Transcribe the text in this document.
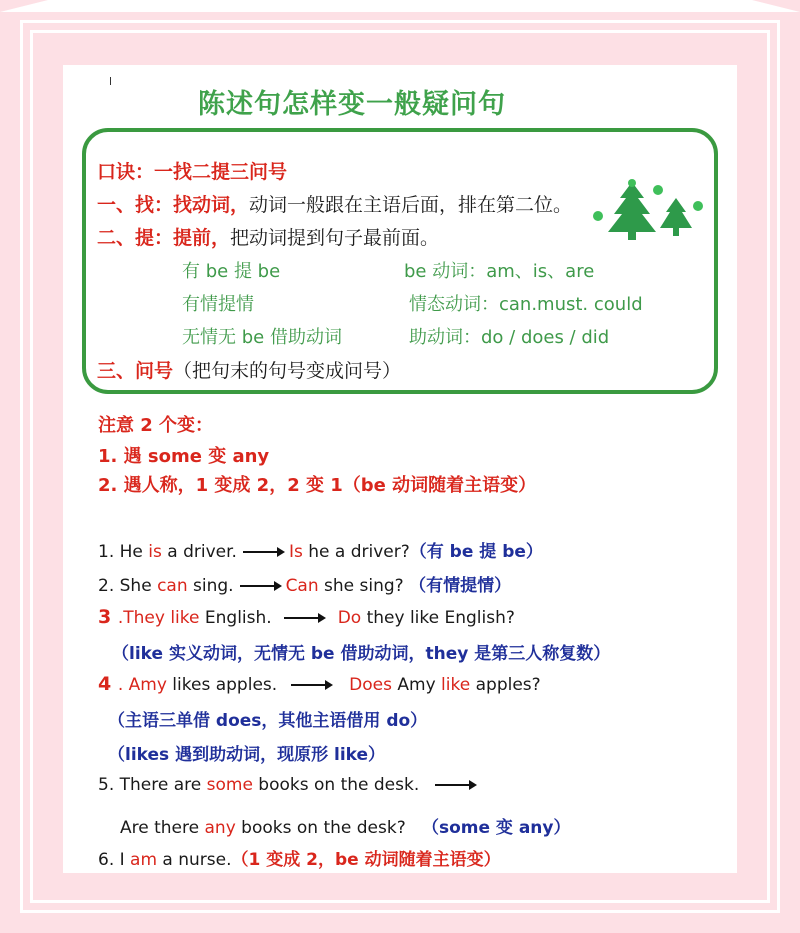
陈述句怎样变一般疑问句
口诀：一找二提三问号
一、找：找动词，动词一般跟在主语后面，排在第二位。
二、提：提前，把动词提到句子最前面。
有 be 提 be	be 动词：am、is、are
有情提情	情态动词：can.must. could
无情无 be 借助动词	助动词：do / does / did
三、问号（把句末的句号变成问号）
注意 2 个变：
1. 遇 some 变 any
2. 遇人称，1 变成 2，2 变 1（be 动词随着主语变）
1. He is a driver.	Is he a driver?（有 be 提 be）
2. She can sing.	Can she sing? （有情提情）
3 .They like English.	Do they like English?
（like 实义动词，无情无 be 借助动词，they 是第三人称复数）
4 . Amy likes apples.	Does Amy like apples?
（主语三单借 does，其他主语借用 do）
（likes 遇到助动词，现原形 like）
5. There are some books on the desk.
Are there any books on the desk? （some 变 any）
6. I am a nurse.（1 变成 2，be 动词随着主语变）
